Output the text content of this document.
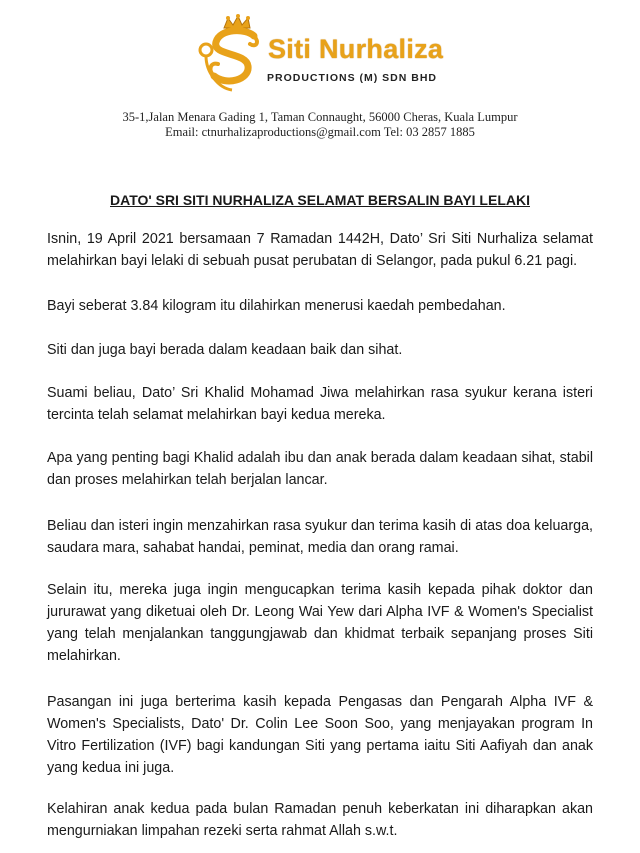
Siti Nurhaliza
PRODUCTIONS (M) SDN BHD
35-1,Jalan Menara Gading 1, Taman Connaught, 56000 Cheras, Kuala Lumpur
Email: ctnurhalizaproductions@gmail.com Tel: 03 2857 1885
DATO' SRI SITI NURHALIZA SELAMAT BERSALIN BAYI LELAKI
Isnin, 19 April 2021 bersamaan 7 Ramadan 1442H, Dato’ Sri Siti Nurhaliza selamat
melahirkan bayi lelaki di sebuah pusat perubatan di Selangor, pada pukul 6.21 pagi.
Bayi seberat 3.84 kilogram itu dilahirkan menerusi kaedah pembedahan.
Siti dan juga bayi berada dalam keadaan baik dan sihat.
Suami beliau, Dato’ Sri Khalid Mohamad Jiwa melahirkan rasa syukur kerana isteri
tercinta telah selamat melahirkan bayi kedua mereka.
Apa yang penting bagi Khalid adalah ibu dan anak berada dalam keadaan sihat, stabil
dan proses melahirkan telah berjalan lancar.
Beliau dan isteri ingin menzahirkan rasa syukur dan terima kasih di atas doa keluarga,
saudara mara, sahabat handai, peminat, media dan orang ramai.
Selain itu, mereka juga ingin mengucapkan terima kasih kepada pihak doktor dan
jururawat yang diketuai oleh Dr. Leong Wai Yew dari Alpha IVF & Women's Specialist
yang telah menjalankan tanggungjawab dan khidmat terbaik sepanjang proses Siti
melahirkan.
Pasangan ini juga berterima kasih kepada Pengasas dan Pengarah Alpha IVF &
Women's Specialists, Dato' Dr. Colin Lee Soon Soo, yang menjayakan program In
Vitro Fertilization (IVF) bagi kandungan Siti yang pertama iaitu Siti Aafiyah dan anak
yang kedua ini juga.
Kelahiran anak kedua pada bulan Ramadan penuh keberkatan ini diharapkan akan
mengurniakan limpahan rezeki serta rahmat Allah s.w.t.
